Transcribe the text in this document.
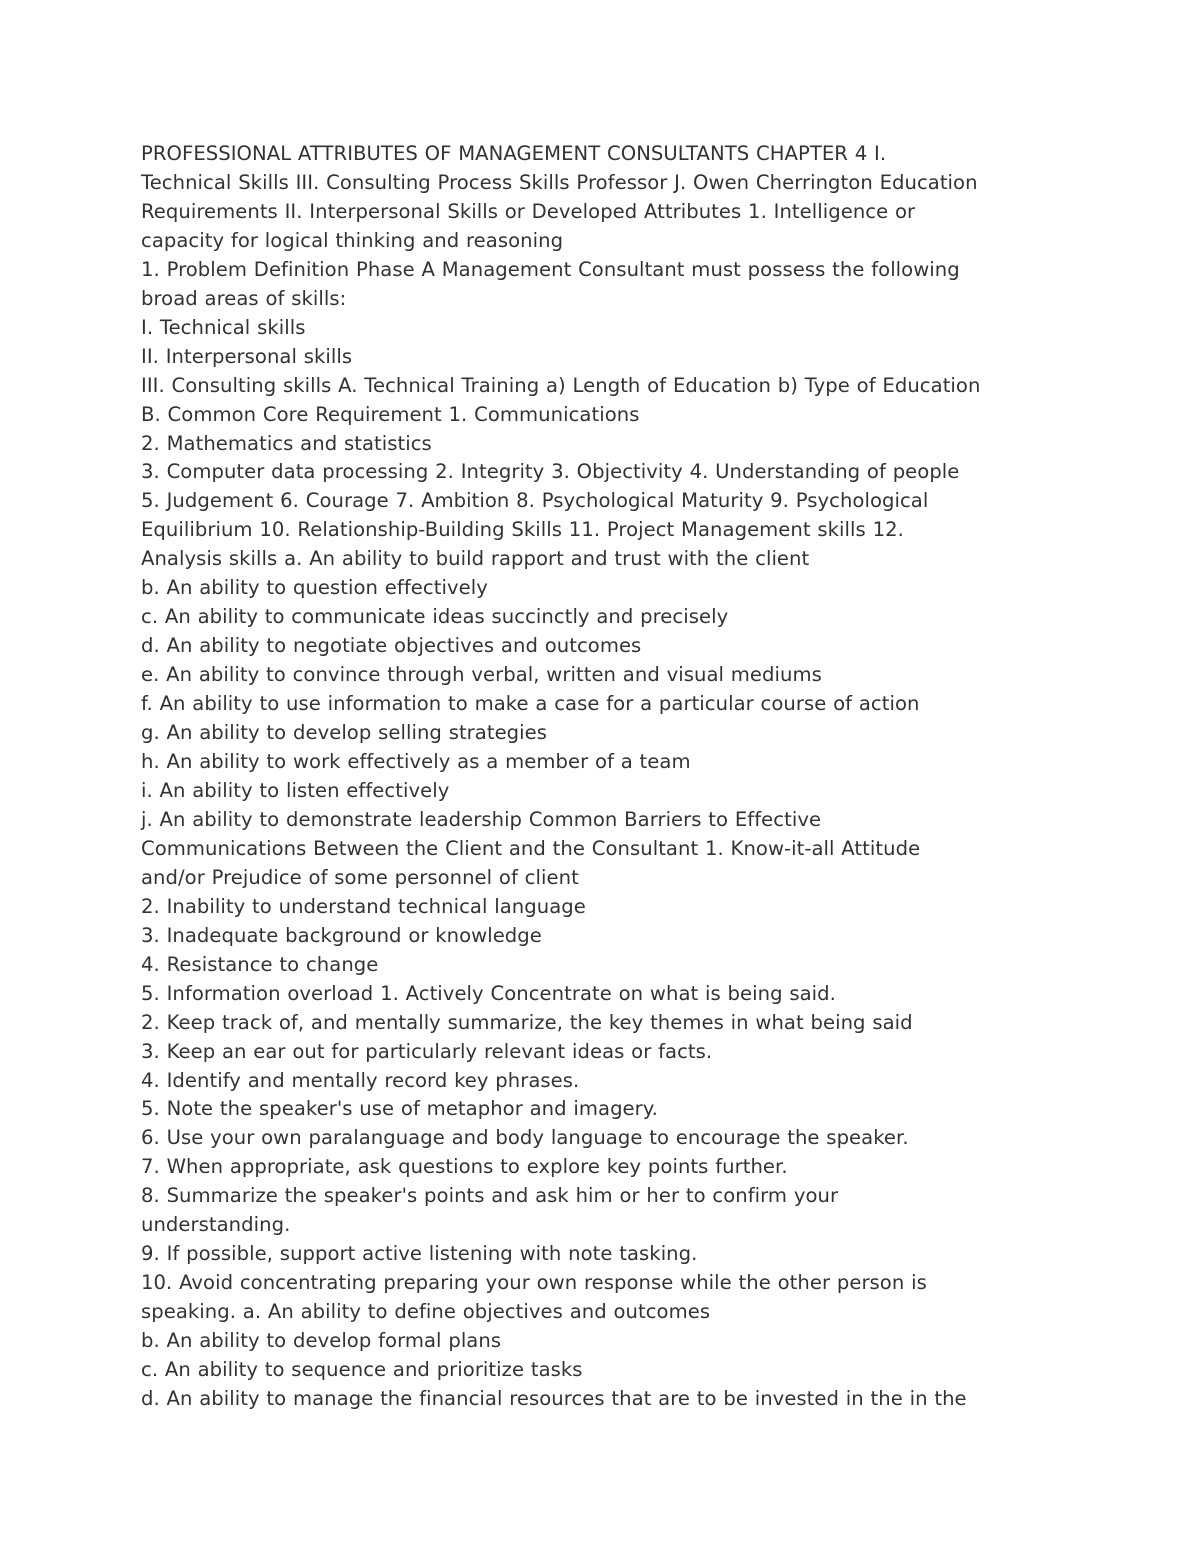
PROFESSIONAL ATTRIBUTES OF MANAGEMENT CONSULTANTS CHAPTER 4 I.
Technical Skills III. Consulting Process Skills Professor J. Owen Cherrington Education
Requirements II. Interpersonal Skills or Developed Attributes 1. Intelligence or
capacity for logical thinking and reasoning
1. Problem Definition Phase A Management Consultant must possess the following
broad areas of skills:
I. Technical skills
II. Interpersonal skills
III. Consulting skills A. Technical Training a) Length of Education b) Type of Education
B. Common Core Requirement 1. Communications
2. Mathematics and statistics
3. Computer data processing 2. Integrity 3. Objectivity 4. Understanding of people
5. Judgement 6. Courage 7. Ambition 8. Psychological Maturity 9. Psychological
Equilibrium 10. Relationship-Building Skills 11. Project Management skills 12.
Analysis skills a. An ability to build rapport and trust with the client
b. An ability to question effectively
c. An ability to communicate ideas succinctly and precisely
d. An ability to negotiate objectives and outcomes
e. An ability to convince through verbal, written and visual mediums
f. An ability to use information to make a case for a particular course of action
g. An ability to develop selling strategies
h. An ability to work effectively as a member of a team
i. An ability to listen effectively
j. An ability to demonstrate leadership Common Barriers to Effective
Communications Between the Client and the Consultant 1. Know-it-all Attitude
and/or Prejudice of some personnel of client
2. Inability to understand technical language
3. Inadequate background or knowledge
4. Resistance to change
5. Information overload 1. Actively Concentrate on what is being said.
2. Keep track of, and mentally summarize, the key themes in what being said
3. Keep an ear out for particularly relevant ideas or facts.
4. Identify and mentally record key phrases.
5. Note the speaker's use of metaphor and imagery.
6. Use your own paralanguage and body language to encourage the speaker.
7. When appropriate, ask questions to explore key points further.
8. Summarize the speaker's points and ask him or her to confirm your
understanding.
9. If possible, support active listening with note tasking.
10. Avoid concentrating preparing your own response while the other person is
speaking. a. An ability to define objectives and outcomes
b. An ability to develop formal plans
c. An ability to sequence and prioritize tasks
d. An ability to manage the financial resources that are to be invested in the in the
